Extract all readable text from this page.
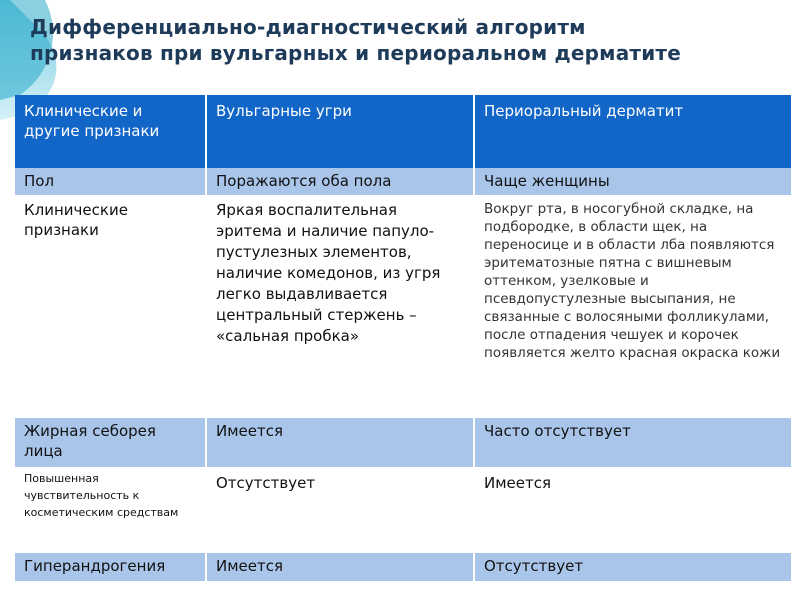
Дифференциально-диагностический алгоритм
признаков при вульгарных и периоральном дерматите
Клинические и другие признаки	Вульгарные угри	Периоральный дерматит
Пол	Поражаются оба пола	Чаще женщины
Клинические признаки	Яркая воспалительная эритема и наличие папуло-пустулезных элементов, наличие комедонов, из угря легко выдавливается центральный стержень – «сальная пробка»	Вокруг рта, в носогубной складке, на подбородке, в области щек, на переносице и в области лба появляются эритематозные пятна с вишневым оттенком, узелковые и псевдопустулезные высыпания, не связанные с волосяными фолликулами, после отпадения чешуек и корочек появляется желто красная окраска кожи
Жирная себорея лица	Имеется	Часто отсутствует
Повышенная чувствительность к косметическим средствам	Отсутствует	Имеется
Гиперандрогения	Имеется	Отсутствует
